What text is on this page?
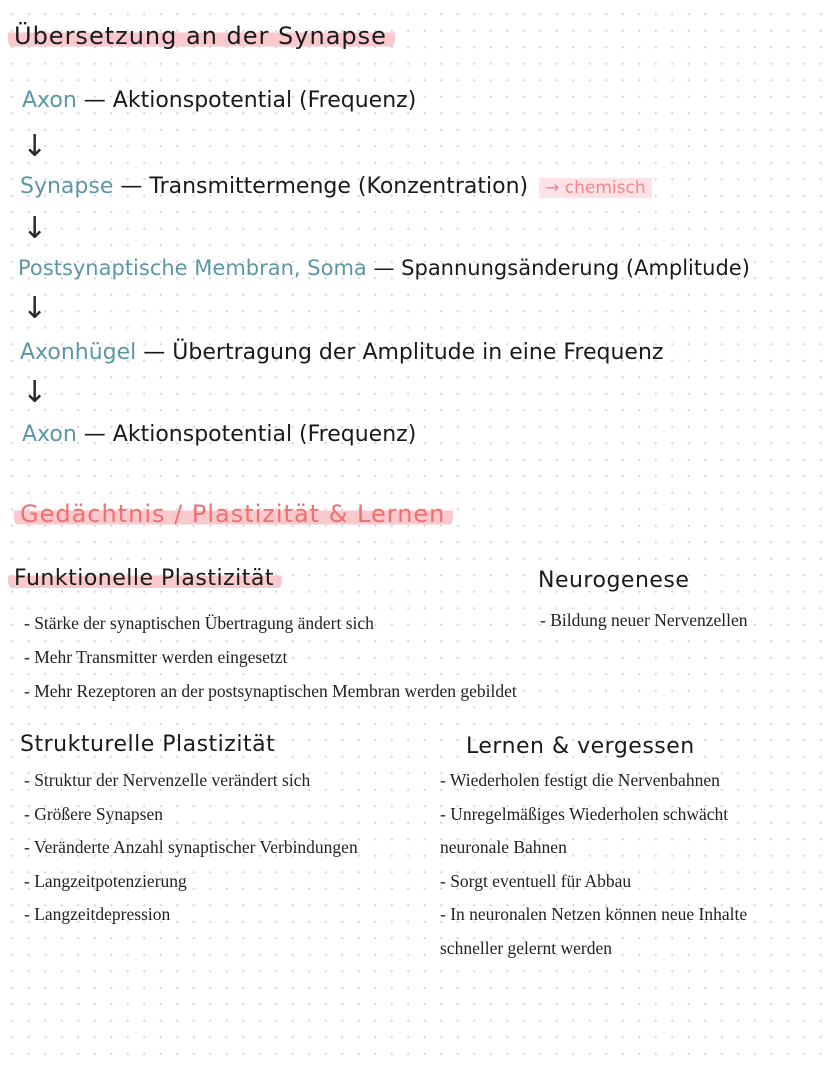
Übersetzung an der Synapse
Axon — Aktionspotential (Frequenz)
↓
Synapse — Transmittermenge (Konzentration) → chemisch
↓
Postsynaptische Membran, Soma — Spannungsänderung (Amplitude)
↓
Axonhügel — Übertragung der Amplitude in eine Frequenz
↓
Axon — Aktionspotential (Frequenz)
Gedächtnis / Plastizität & Lernen
Funktionelle Plastizität
- Stärke der synaptischen Übertragung ändert sich
- Mehr Transmitter werden eingesetzt
- Mehr Rezeptoren an der postsynaptischen Membran werden gebildet
Neurogenese
- Bildung neuer Nervenzellen
Strukturelle Plastizität
- Struktur der Nervenzelle verändert sich
- Größere Synapsen
- Veränderte Anzahl synaptischer Verbindungen
- Langzeitpotenzierung
- Langzeitdepression
Lernen & vergessen
- Wiederholen festigt die Nervenbahnen
- Unregelmäßiges Wiederholen schwächt
neuronale Bahnen
- Sorgt eventuell für Abbau
- In neuronalen Netzen können neue Inhalte
schneller gelernt werden
